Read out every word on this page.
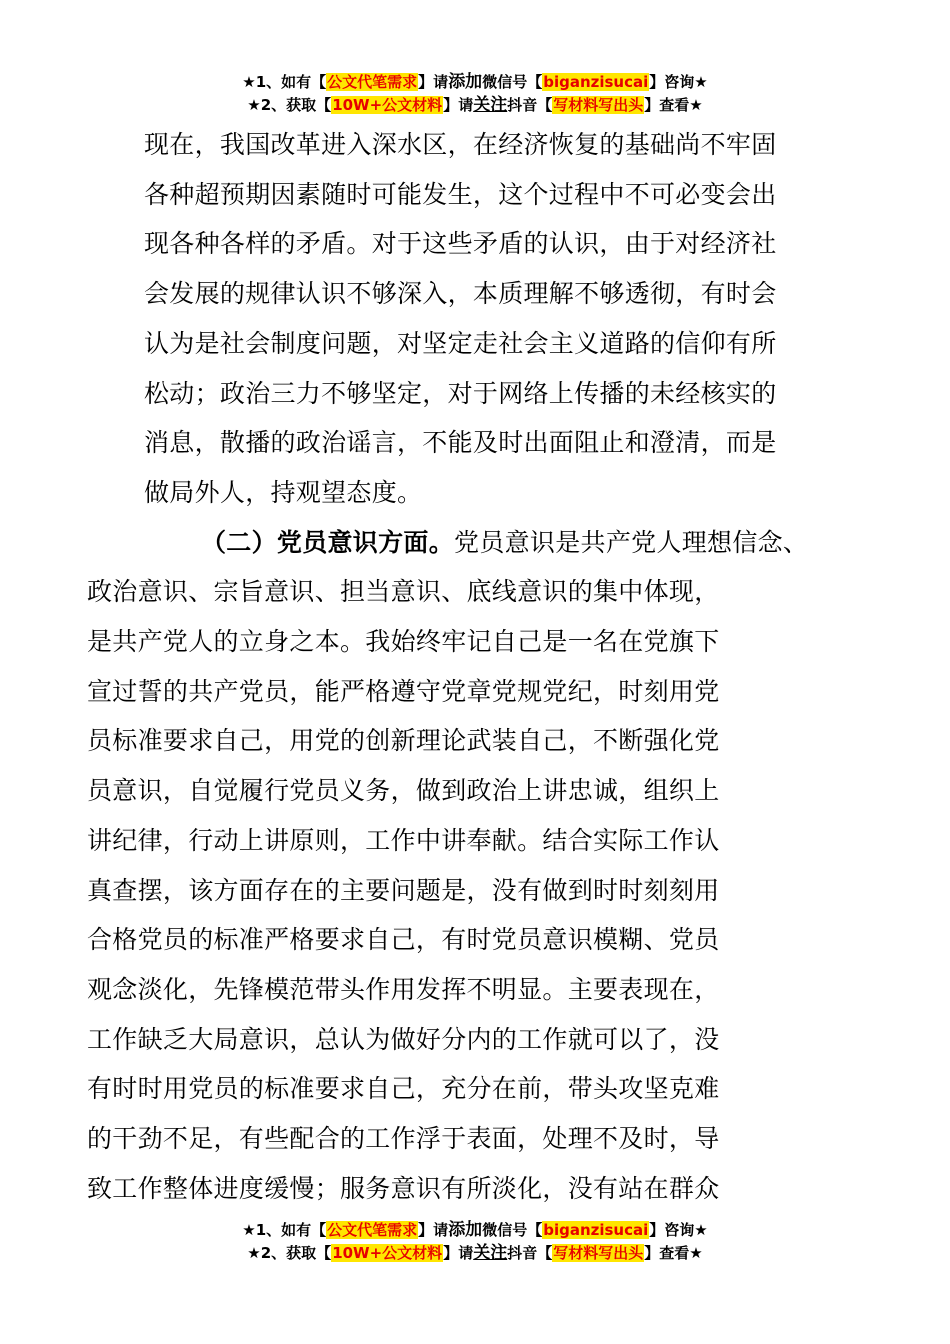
★1、如有【公文代笔需求】请添加微信号【biganzisucai】咨询★
★2、获取【10W+公文材料】请关注抖音【写材料写出头】查看★

现在，我国改革进入深水区，在经济恢复的基础尚不牢固
各种超预期因素随时可能发生，这个过程中不可必变会出
现各种各样的矛盾。对于这些矛盾的认识，由于对经济社
会发展的规律认识不够深入，本质理解不够透彻，有时会
认为是社会制度问题，对坚定走社会主义道路的信仰有所
松动；政治三力不够坚定，对于网络上传播的未经核实的
消息，散播的政治谣言，不能及时出面阻止和澄清，而是
做局外人，持观望态度。

（二）党员意识方面。党员意识是共产党人理想信念、
政治意识、宗旨意识、担当意识、底线意识的集中体现，
是共产党人的立身之本。我始终牢记自己是一名在党旗下
宣过誓的共产党员，能严格遵守党章党规党纪，时刻用党
员标准要求自己，用党的创新理论武装自己，不断强化党
员意识，自觉履行党员义务，做到政治上讲忠诚，组织上
讲纪律，行动上讲原则，工作中讲奉献。结合实际工作认
真查摆，该方面存在的主要问题是，没有做到时时刻刻用
合格党员的标准严格要求自己，有时党员意识模糊、党员
观念淡化，先锋模范带头作用发挥不明显。主要表现在，
工作缺乏大局意识，总认为做好分内的工作就可以了，没
有时时用党员的标准要求自己，充分在前，带头攻坚克难
的干劲不足，有些配合的工作浮于表面，处理不及时，导
致工作整体进度缓慢；服务意识有所淡化，没有站在群众

★1、如有【公文代笔需求】请添加微信号【biganzisucai】咨询★
★2、获取【10W+公文材料】请关注抖音【写材料写出头】查看★
